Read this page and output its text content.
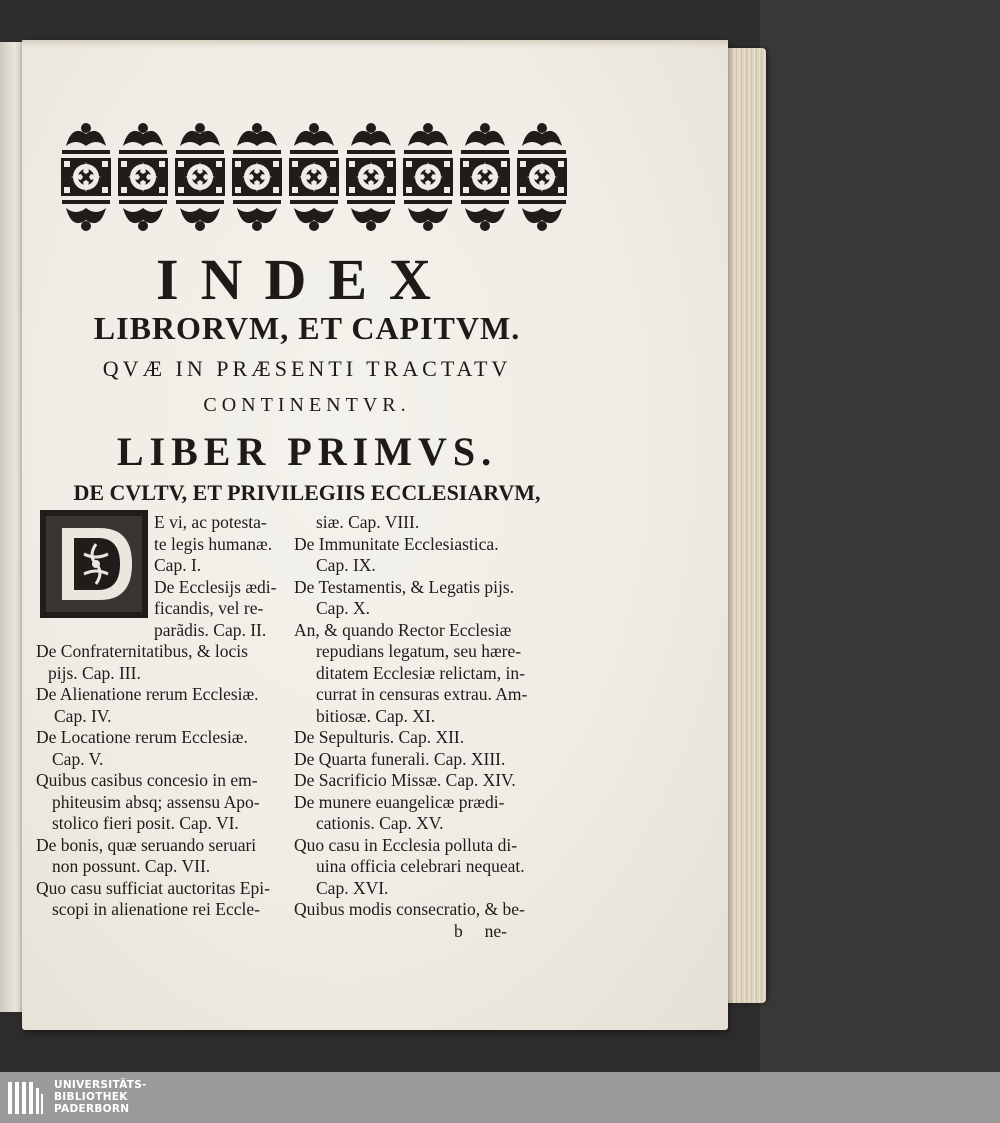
INDEX
LIBRORVM, ET CAPITVM.
QVÆ IN PRÆSENTI TRACTATV
CONTINENTVR.
LIBER PRIMVS.
DE CVLTV, ET PRIVILEGIIS ECCLESIARVM,
E vi, ac potesta-
te legis humanæ.
Cap. I.
De Ecclesijs ædi-
ficandis, vel re-
parãdis. Cap. II.
De Confraternitatibus, & locis
pijs. Cap. III.
De Alienatione rerum Ecclesiæ.
Cap. IV.
De Locatione rerum Ecclesiæ.
Cap. V.
Quibus casibus concesio in em-
phiteusim absq; assensu Apo-
stolico fieri posit. Cap. VI.
De bonis, quæ seruando seruari
non possunt. Cap. VII.
Quo casu sufficiat auctoritas Epi-
scopi in alienatione rei Eccle-
siæ. Cap. VIII.
De Immunitate Ecclesiastica.
Cap. IX.
De Testamentis, & Legatis pijs.
Cap. X.
An, & quando Rector Ecclesiæ
repudians legatum, seu hære-
ditatem Ecclesiæ relictam, in-
currat in censuras extrau. Am-
bitiosæ. Cap. XI.
De Sepulturis. Cap. XII.
De Quarta funerali. Cap. XIII.
De Sacrificio Missæ. Cap. XIV.
De munere euangelicæ prædi-
cationis. Cap. XV.
Quo casu in Ecclesia polluta di-
uina officia celebrari nequeat.
Cap. XVI.
Quibus modis consecratio, & be-
b ne-
UNIVERSITÄTS-
BIBLIOTHEK
PADERBORN
